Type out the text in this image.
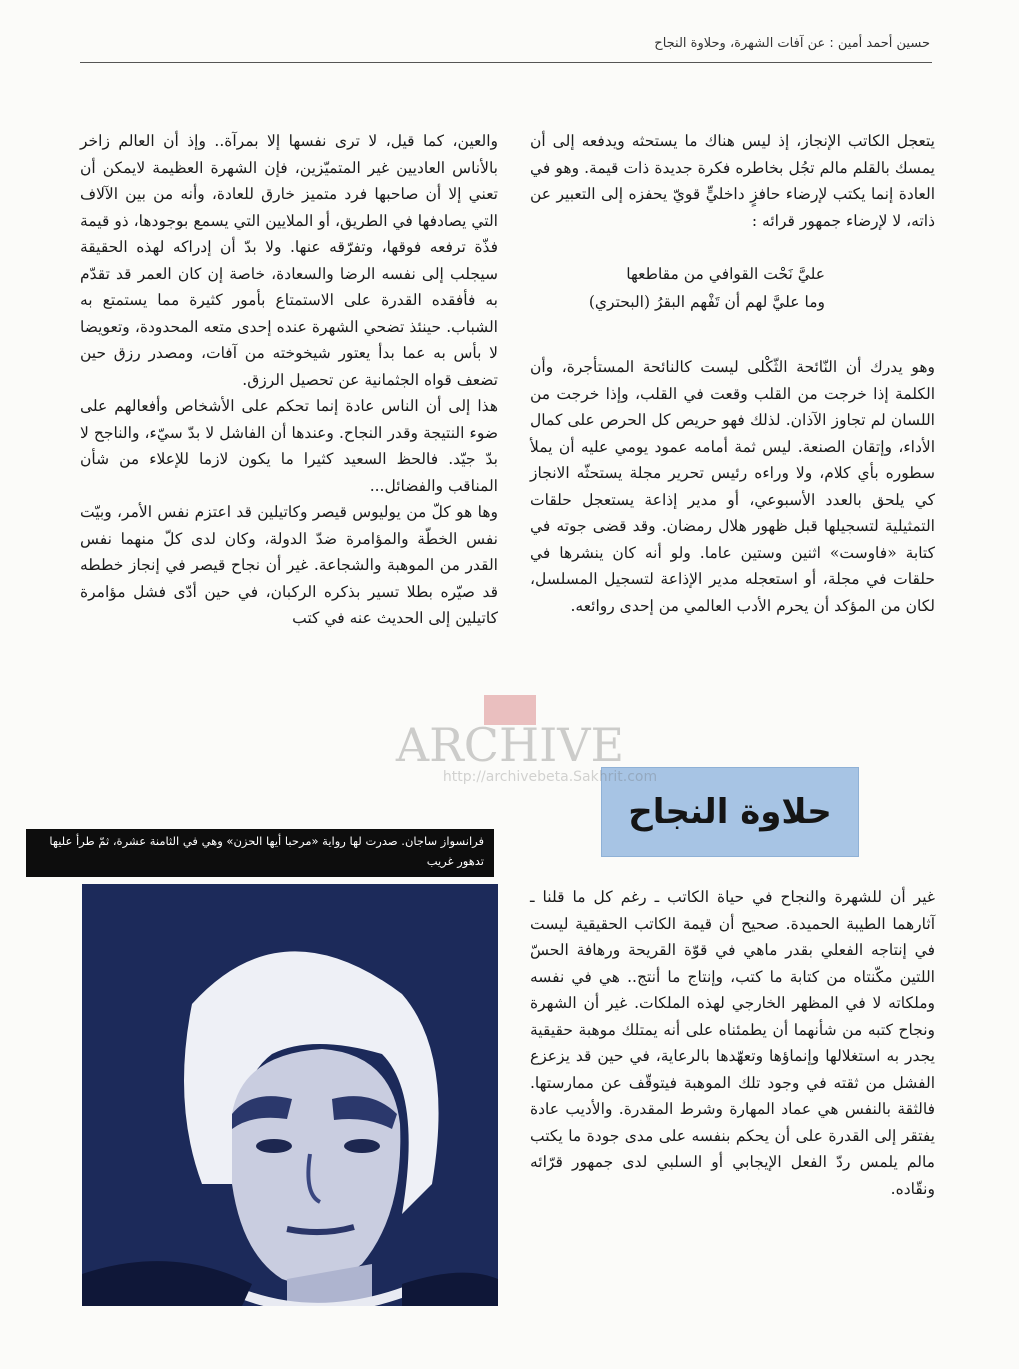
حسين أحمد أمين : عن آفات الشهرة، وحلاوة النجاح

يتعجل الكاتب الإنجاز، إذ ليس هناك ما يستحثه ويدفعه إلى أن يمسك بالقلم مالم تجُل بخاطره فكرة جديدة ذات قيمة. وهو في العادة إنما يكتب لإرضاء حافزٍ داخليٍّ قويّ يحفزه إلى التعبير عن ذاته، لا لإرضاء جمهور قرائه :

عليَّ نَحْت القوافي من مقاطعها
وما عليَّ لهم أن تَفْهم البقرُ (البحتري)

وهو يدرك أن النّائحة الثّكْلى ليست كالنائحة المستأجرة، وأن الكلمة إذا خرجت من القلب وقعت في القلب، وإذا خرجت من اللسان لم تجاوز الآذان. لذلك فهو حريص كل الحرص على كمال الأداء، وإتقان الصنعة. ليس ثمة أمامه عمود يومي عليه أن يملأ سطوره بأي كلام، ولا وراءه رئيس تحرير مجلة يستحثّه الانجاز كي يلحق بالعدد الأسبوعي، أو مدير إذاعة يستعجل حلقات التمثيلية لتسجيلها قبل ظهور هلال رمضان. وقد قضى جوته في كتابة «فاوست» اثنين وستين عاما. ولو أنه كان ينشرها في حلقات في مجلة، أو استعجله مدير الإذاعة لتسجيل المسلسل، لكان من المؤكد أن يحرم الأدب العالمي من إحدى روائعه.

حلاوة النجاح

غير أن للشهرة والنجاح في حياة الكاتب ـ رغم كل ما قلنا ـ آثارهما الطيبة الحميدة. صحيح أن قيمة الكاتب الحقيقية ليست في إنتاجه الفعلي بقدر ماهي في قوّة القريحة ورهافة الحسّ اللتين مكّنتاه من كتابة ما كتب، وإنتاج ما أنتج.. هي في نفسه وملكاته لا في المظهر الخارجي لهذه الملكات. غير أن الشهرة ونجاح كتبه من شأنهما أن يطمئناه على أنه يمتلك موهبة حقيقية يجدر به استغلالها وإنماؤها وتعهّدها بالرعاية، في حين قد يزعزع الفشل من ثقته في وجود تلك الموهبة فيتوقّف عن ممارستها. فالثقة بالنفس هي عماد المهارة وشرط المقدرة. والأديب عادة يفتقر إلى القدرة على أن يحكم بنفسه على مدى جودة ما يكتب مالم يلمس ردّ الفعل الإيجابي أو السلبي لدى جمهور قرّائه ونقّاده.

والعين، كما قيل، لا ترى نفسها إلا بمرآة.. وإذ أن العالم زاخر بالأناس العاديين غير المتميّزين، فإن الشهرة العظيمة لايمكن أن تعني إلا أن صاحبها فرد متميز خارق للعادة، وأنه من بين الآلاف التي يصادفها في الطريق، أو الملايين التي يسمع بوجودها، ذو قيمة فذّة ترفعه فوقها، وتفرّقه عنها. ولا بدّ أن إدراكه لهذه الحقيقة سيجلب إلى نفسه الرضا والسعادة، خاصة إن كان العمر قد تقدّم به فأفقده القدرة على الاستمتاع بأمور كثيرة مما يستمتع به الشباب. حينئذ تضحي الشهرة عنده إحدى متعه المحدودة، وتعويضا لا بأس به عما بدأ يعتور شيخوخته من آفات، ومصدر رزق حين تضعف قواه الجثمانية عن تحصيل الرزق.

هذا إلى أن الناس عادة إنما تحكم على الأشخاص وأفعالهم على ضوء النتيجة وقدر النجاح. وعندها أن الفاشل لا بدّ سيّء، والناجح لا بدّ جيّد. فالحظ السعيد كثيرا ما يكون لازما للإعلاء من شأن المناقب والفضائل...

وها هو كلّ من يوليوس قيصر وكاتيلين قد اعتزم نفس الأمر، وبيّت نفس الخطّة والمؤامرة ضدّ الدولة، وكان لدى كلّ منهما نفس القدر من الموهبة والشجاعة. غير أن نجاح قيصر في إنجاز خططه قد صيّره بطلا تسير بذكره الركبان، في حين أدّى فشل مؤامرة كاتيلين إلى الحديث عنه في كتب

فرانسواز ساجان. صدرت لها رواية «مرحبا أيها الحزن» وهي في الثامنة عشرة، ثمّ طرأ عليها تدهور غريب
ARCHIVE
http://archivebeta.Sakhrit.com
